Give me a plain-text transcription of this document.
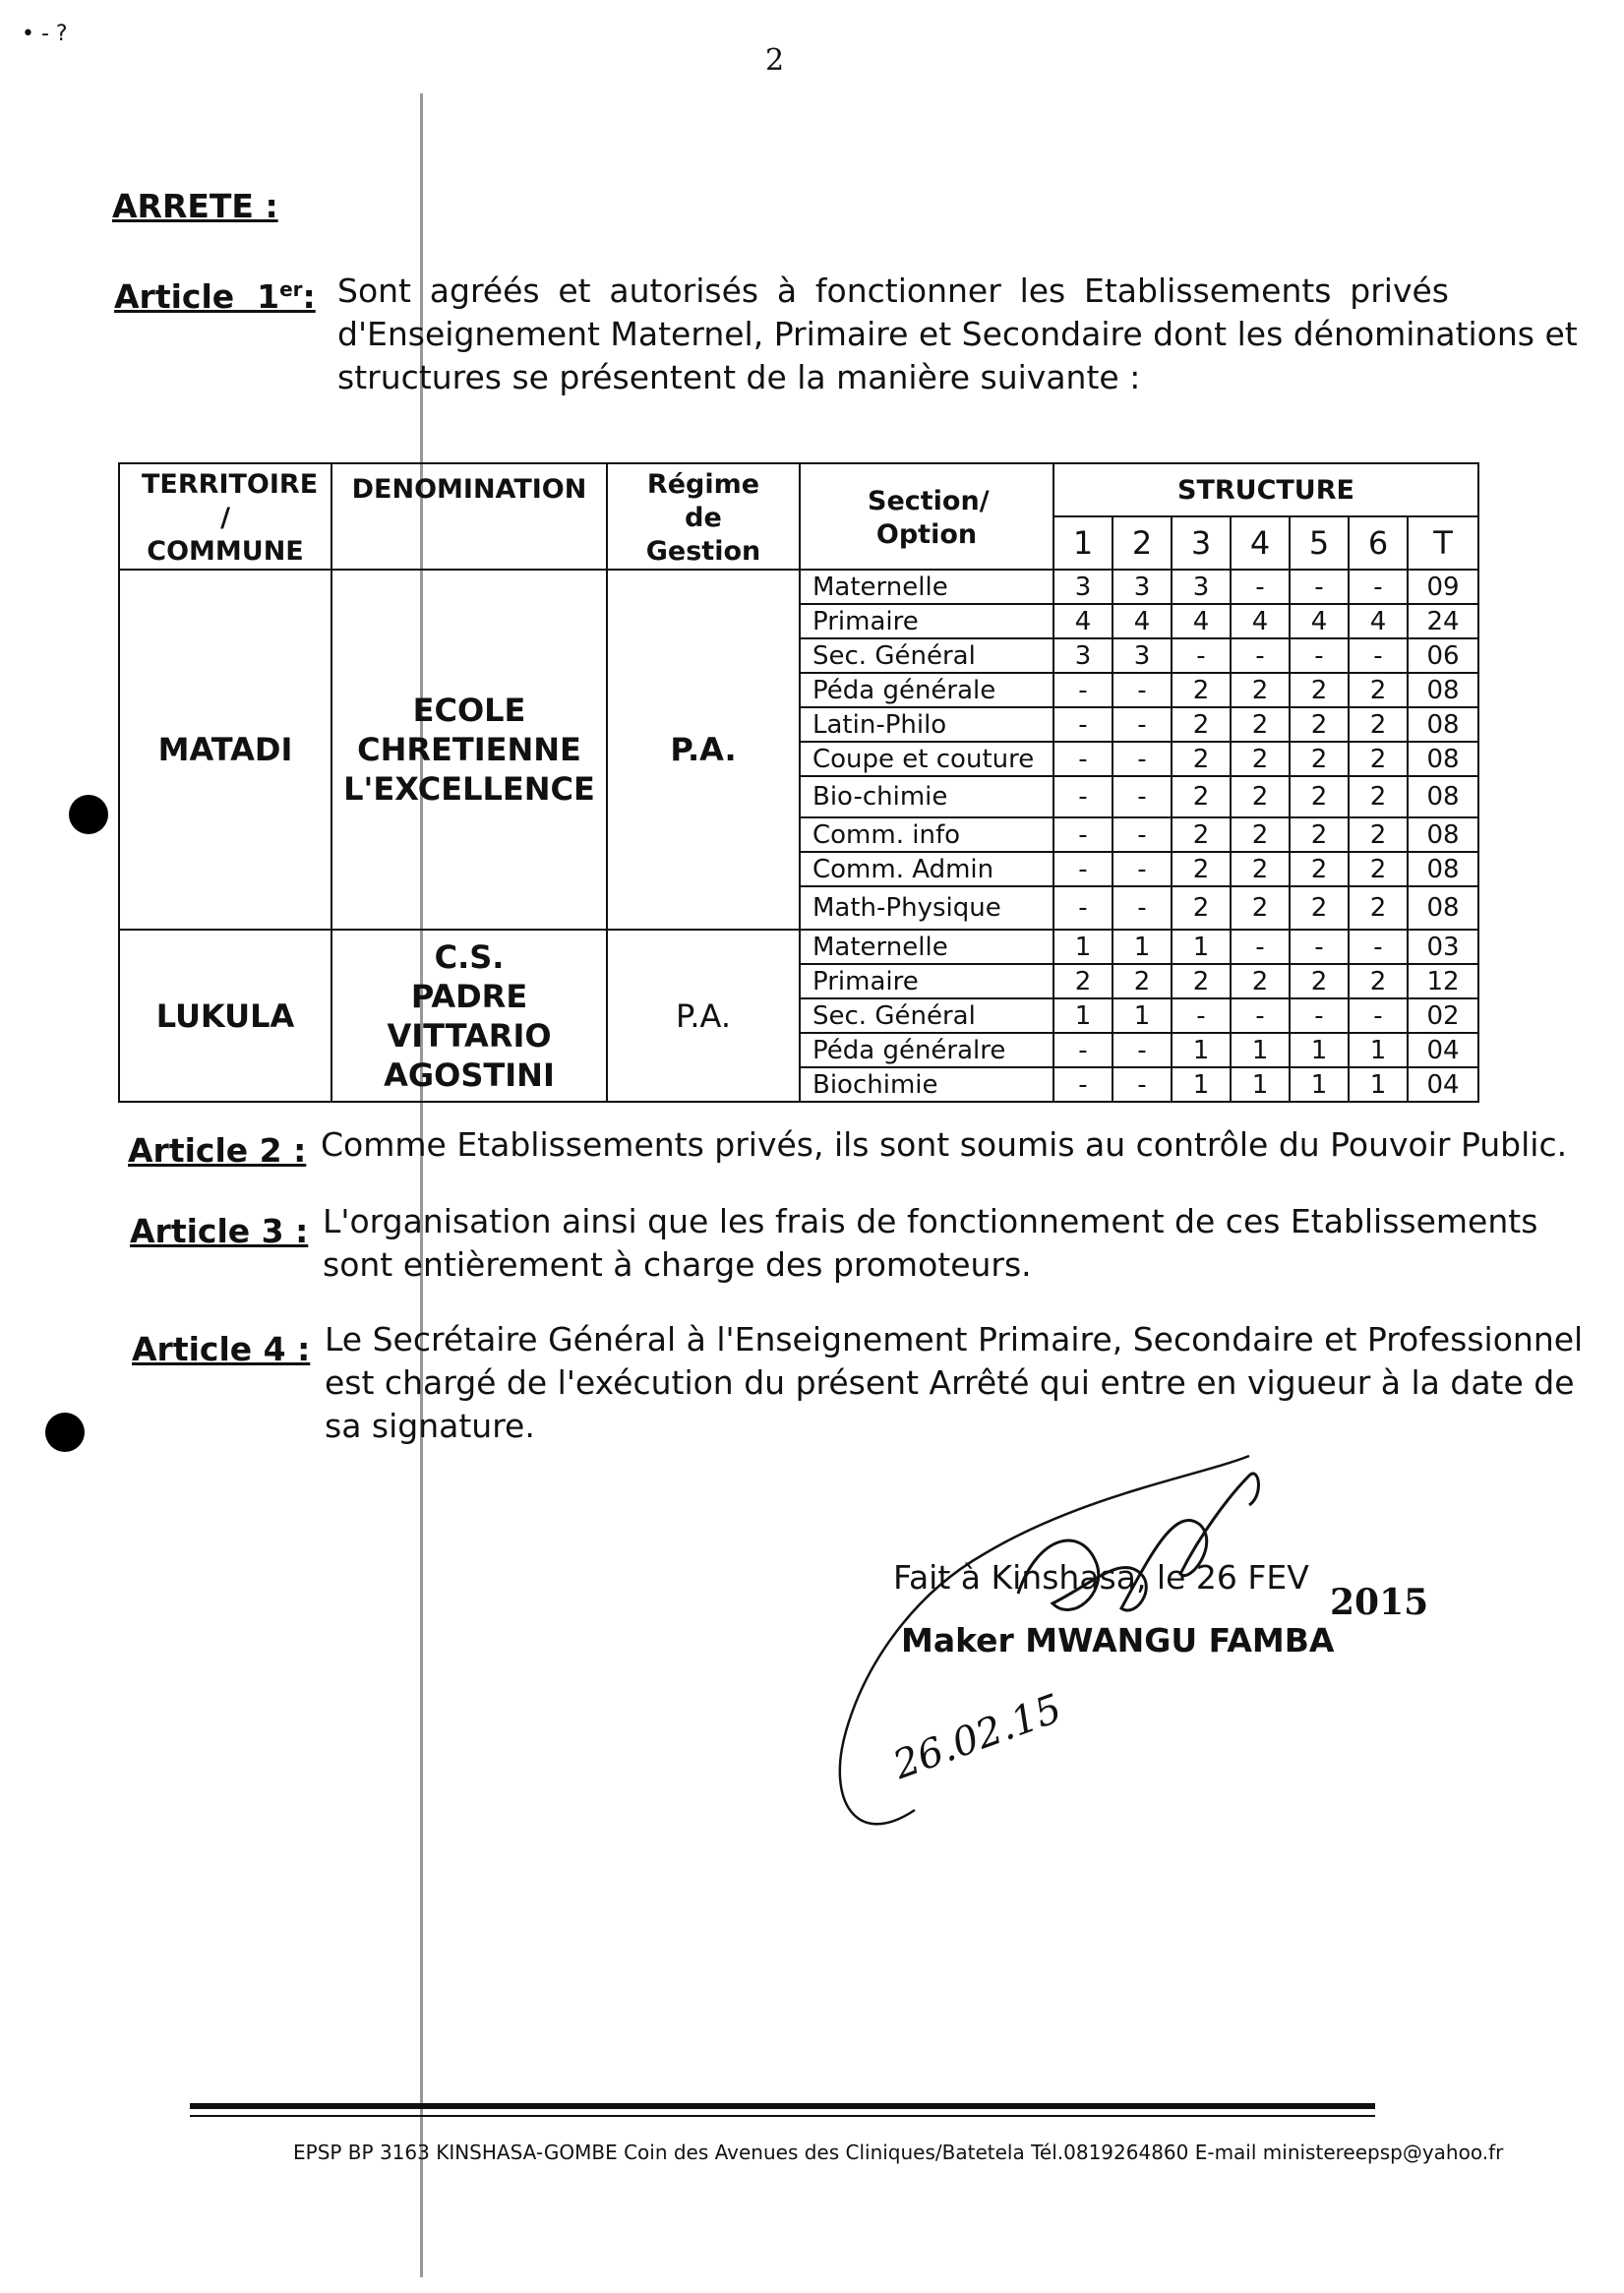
• - ?
2
ARRETE :
Article  1er: Sont agréés et autorisés à fonctionner les Etablissements privés
d'Enseignement Maternel, Primaire et Secondaire dont les dénominations et
structures se présentent de la manière suivante :
TERRITOIRE / COMMUNE	DENOMINATION	Régime de Gestion	Section/ Option	STRUCTURE						
				1	2	3	4	5	6	T
MATADI	ECOLE CHRETIENNE L'EXCELLENCE	P.A.	Maternelle	3	3	3	-	-	-	09
			Primaire	4	4	4	4	4	4	24
			Sec. Général	3	3	-	-	-	-	06
			Péda générale	-	-	2	2	2	2	08
			Latin-Philo	-	-	2	2	2	2	08
			Coupe et couture	-	-	2	2	2	2	08
			Bio-chimie	-	-	2	2	2	2	08
			Comm. info	-	-	2	2	2	2	08
			Comm. Admin	-	-	2	2	2	2	08
			Math-Physique	-	-	2	2	2	2	08
LUKULA	C.S. PADRE VITTARIO AGOSTINI	P.A.	Maternelle	1	1	1	-	-	-	03
			Primaire	2	2	2	2	2	2	12
			Sec. Général	1	1	-	-	-	-	02
			Péda généralre	-	-	1	1	1	1	04
			Biochimie	-	-	1	1	1	1	04
Article 2 : Comme Etablissements privés, ils sont soumis au contrôle du Pouvoir Public.
Article 3 : L'organisation ainsi que les frais de fonctionnement de ces Etablissements
sont entièrement à charge des promoteurs.
Article 4 : Le Secrétaire Général à l'Enseignement Primaire, Secondaire et Professionnel
est chargé de l'exécution du présent Arrêté qui entre en vigueur à la date de
sa signature.
Fait à Kinshasa, le 26 FEV
2015
Maker MWANGU FAMBA
26.02.15
EPSP BP 3163 KINSHASA-GOMBE Coin des Avenues des Cliniques/Batetela Tél.0819264860 E-mail ministereepsp@yahoo.fr
